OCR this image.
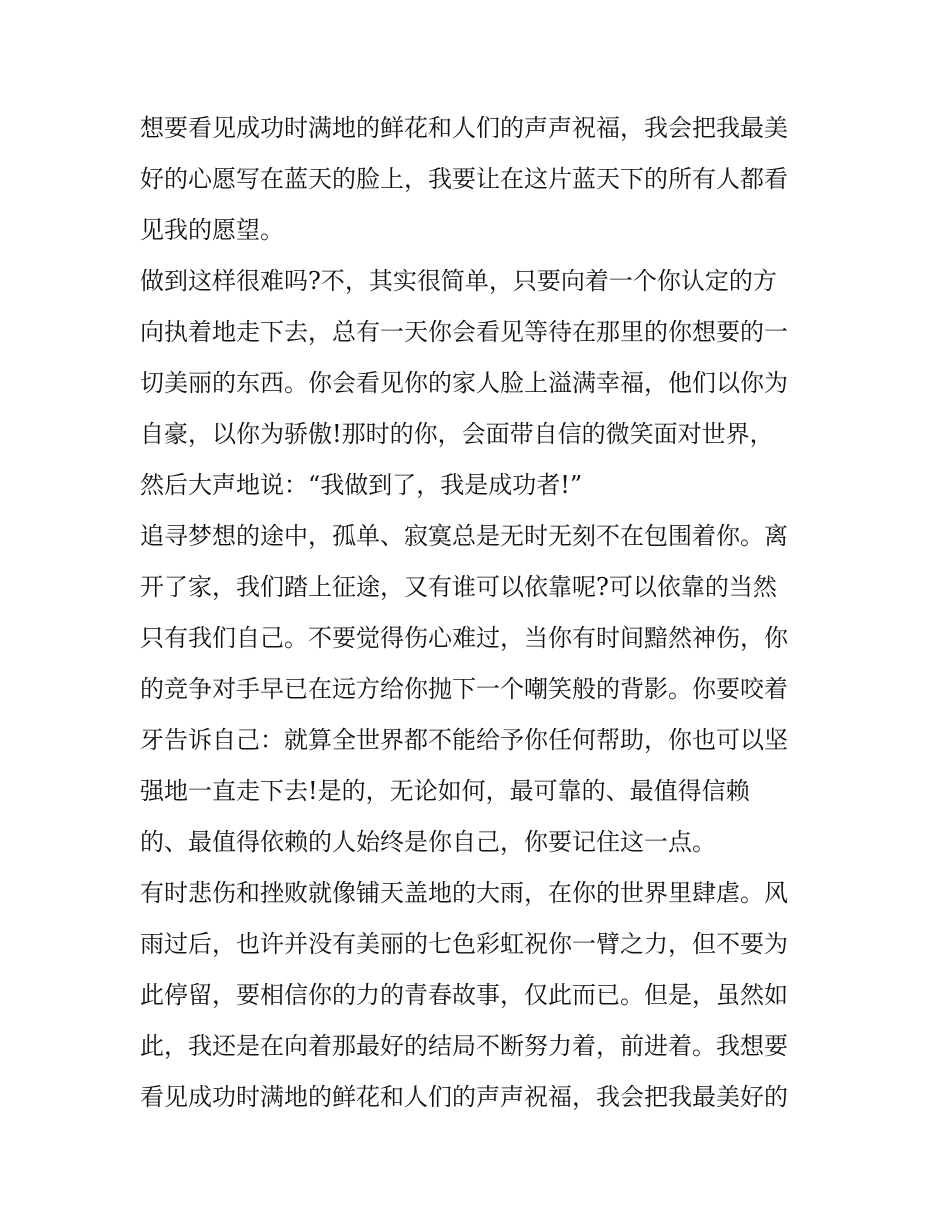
想要看见成功时满地的鲜花和人们的声声祝福，我会把我最美
好的心愿写在蓝天的脸上，我要让在这片蓝天下的所有人都看
见我的愿望。
做到这样很难吗?不，其实很简单，只要向着一个你认定的方
向执着地走下去，总有一天你会看见等待在那里的你想要的一
切美丽的东西。你会看见你的家人脸上溢满幸福，他们以你为
自豪，以你为骄傲!那时的你，会面带自信的微笑面对世界，
然后大声地说：“我做到了，我是成功者!”
追寻梦想的途中，孤单、寂寞总是无时无刻不在包围着你。离
开了家，我们踏上征途，又有谁可以依靠呢?可以依靠的当然
只有我们自己。不要觉得伤心难过，当你有时间黯然神伤，你
的竞争对手早已在远方给你抛下一个嘲笑般的背影。你要咬着
牙告诉自己：就算全世界都不能给予你任何帮助，你也可以坚
强地一直走下去!是的，无论如何，最可靠的、最值得信赖
的、最值得依赖的人始终是你自己，你要记住这一点。
有时悲伤和挫败就像铺天盖地的大雨，在你的世界里肆虐。风
雨过后，也许并没有美丽的七色彩虹祝你一臂之力，但不要为
此停留，要相信你的力的青春故事，仅此而已。但是，虽然如
此，我还是在向着那最好的结局不断努力着，前进着。我想要
看见成功时满地的鲜花和人们的声声祝福，我会把我最美好的
